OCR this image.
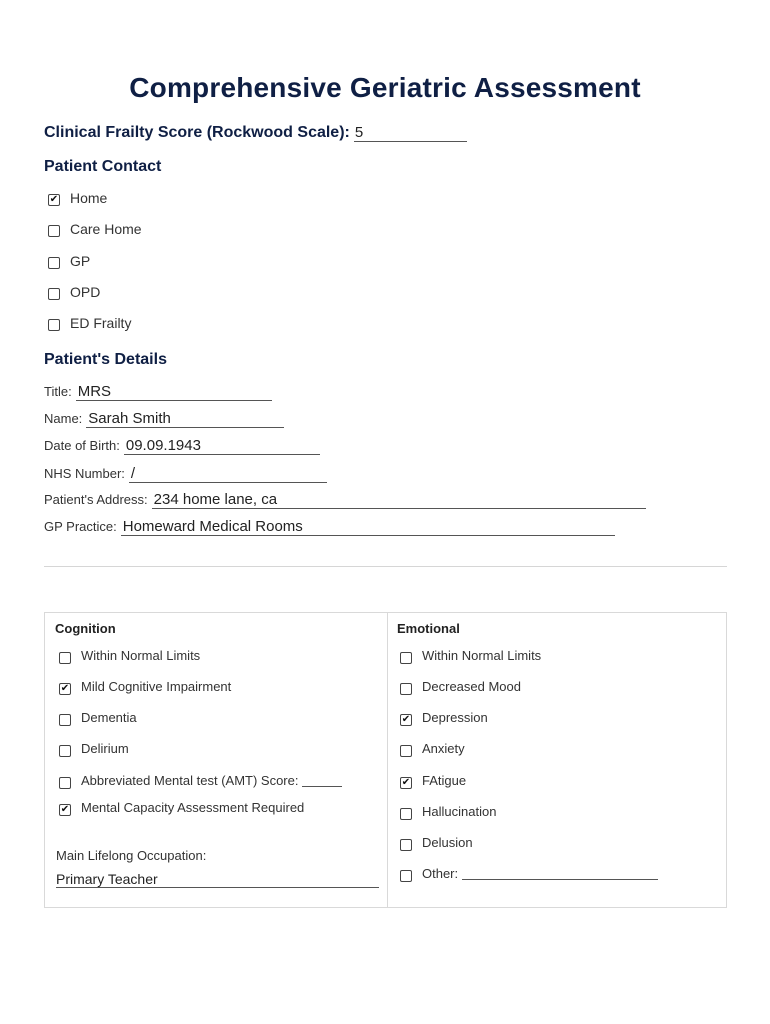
Comprehensive Geriatric Assessment
Clinical Frailty Score (Rockwood Scale): 5
Patient Contact
✔ Home
Care Home
GP
OPD
ED Frailty
Patient's Details
Title: MRS
Name: Sarah Smith
Date of Birth: 09.09.1943
NHS Number: /
Patient's Address: 234 home lane, ca
GP Practice: Homeward Medical Rooms
Cognition	Emotional
Within Normal Limits
✔ Mild Cognitive Impairment
Dementia
Delirium
Abbreviated Mental test (AMT) Score:
✔ Mental Capacity Assessment Required
Main Lifelong Occupation:
Primary Teacher
Within Normal Limits
Decreased Mood
✔ Depression
Anxiety
✔ FAtigue
Hallucination
Delusion
Other:
